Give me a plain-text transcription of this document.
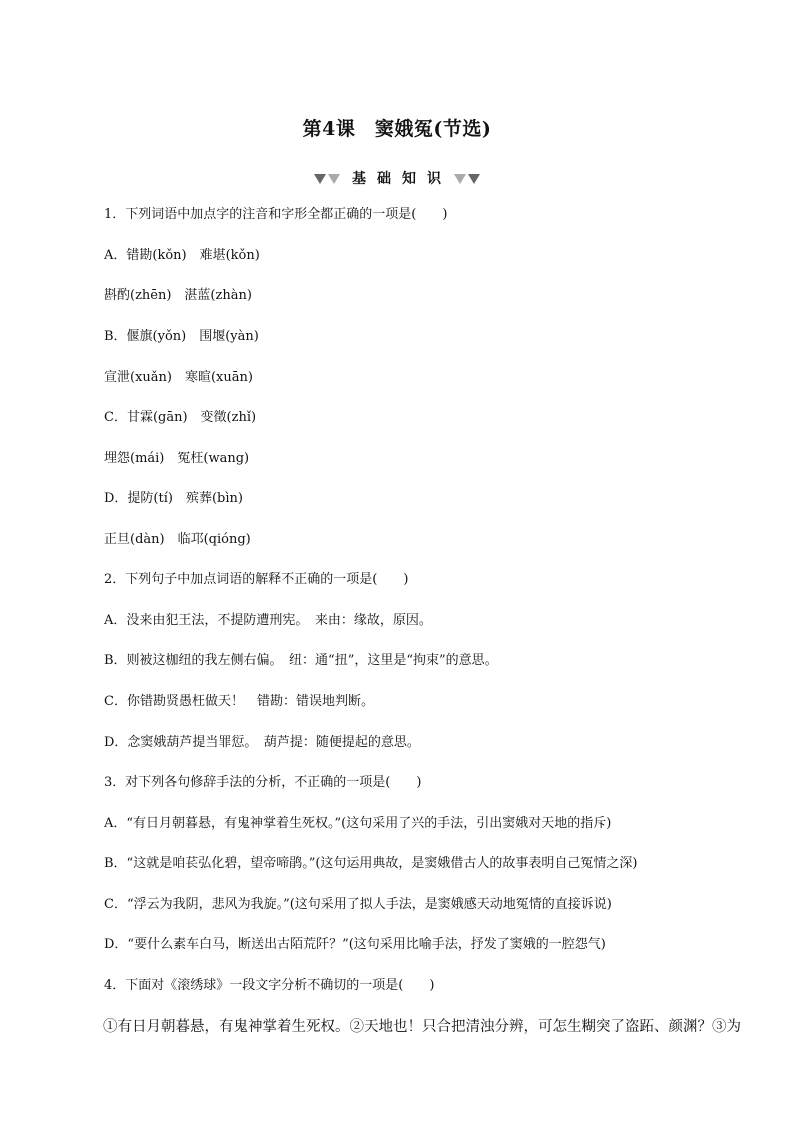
第4课　窦娥冤(节选)
基础知识
1．下列词语中加点字的注音和字形全都正确的一项是(　　)
A．错勘(kǒn)　难堪(kǒn)
斟酌(zhēn)　湛蓝(zhàn)
B．偃旗(yǒn)　围堰(yàn)
宣泄(xuǎn)　寒暄(xuān)
C．甘霖(gān)　变徵(zhǐ)
埋怨(mái)　冤枉(wang)
D．提防(tí)　殡葬(bìn)
正旦(dàn)　临邛(qióng)
2．下列句子中加点词语的解释不正确的一项是(　　)
A．没来由犯王法，不提防遭刑宪。　来由：缘故，原因。
B．则被这枷纽的我左侧右偏。　纽：通“扭”，这里是“拘束”的意思。
C．你错勘贤愚枉做天！　错勘：错误地判断。
D．念窦娥葫芦提当罪愆。　葫芦提：随便提起的意思。
3．对下列各句修辞手法的分析，不正确的一项是(　　)
A．“有日月朝暮悬，有鬼神掌着生死权。”(这句采用了兴的手法，引出窦娥对天地的指斥)
B．“这就是咱苌弘化碧，望帝啼鹃。”(这句运用典故，是窦娥借古人的故事表明自己冤情之深)
C．“浮云为我阴，悲风为我旋。”(这句采用了拟人手法，是窦娥感天动地冤情的直接诉说)
D．“要什么素车白马，断送出古陌荒阡？”(这句采用比喻手法，抒发了窦娥的一腔怨气)
4．下面对《滚绣球》一段文字分析不确切的一项是(　　)
①有日月朝暮悬，有鬼神掌着生死权。②天地也！只合把清浊分辨，可怎生糊突了盗跖、颜渊？③为
